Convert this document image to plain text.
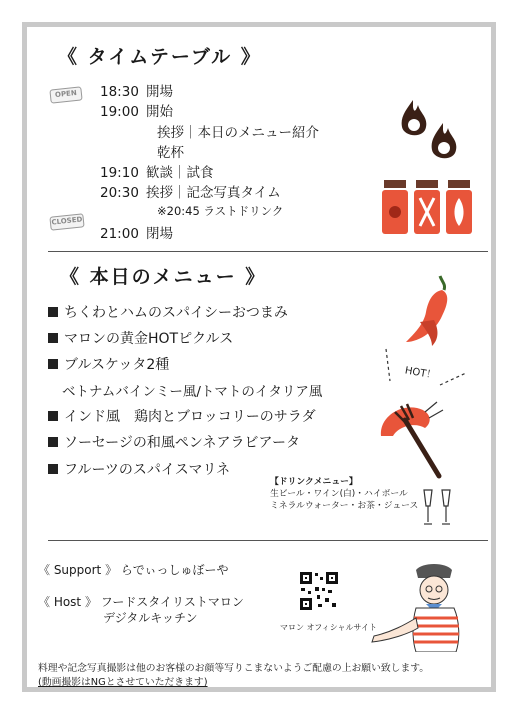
《 タイムテーブル 》
OPEN	18:30 開場
19:00 開始
挨拶｜本日のメニュー紹介
乾杯
19:10 歓談｜試食
20:30 挨拶｜記念写真タイム
※20:45 ラストドリンク
CLOSED
21:00 閉場
《 本日のメニュー 》
ちくわとハムのスパイシーおつまみ
マロンの黄金HOTピクルス
ブルスケッタ2種
ベトナムバインミー風/トマトのイタリア風
インド風　鶏肉とブロッコリーのサラダ
ソーセージの和風ペンネアラビアータ
フルーツのスパイスマリネ
HOT！
【ドリンクメニュー】
生ビール・ワイン(白)・ハイボール
ミネラルウォーター・お茶・ジュース
《 Support 》 らでぃっしゅぼーや
《 Host 》 フードスタイリストマロン
デジタルキッチン
マロン オフィシャルサイト
料理や記念写真撮影は他のお客様のお顔等写りこまないようご配慮の上お願い致します。
(動画撮影はNGとさせていただきます)
